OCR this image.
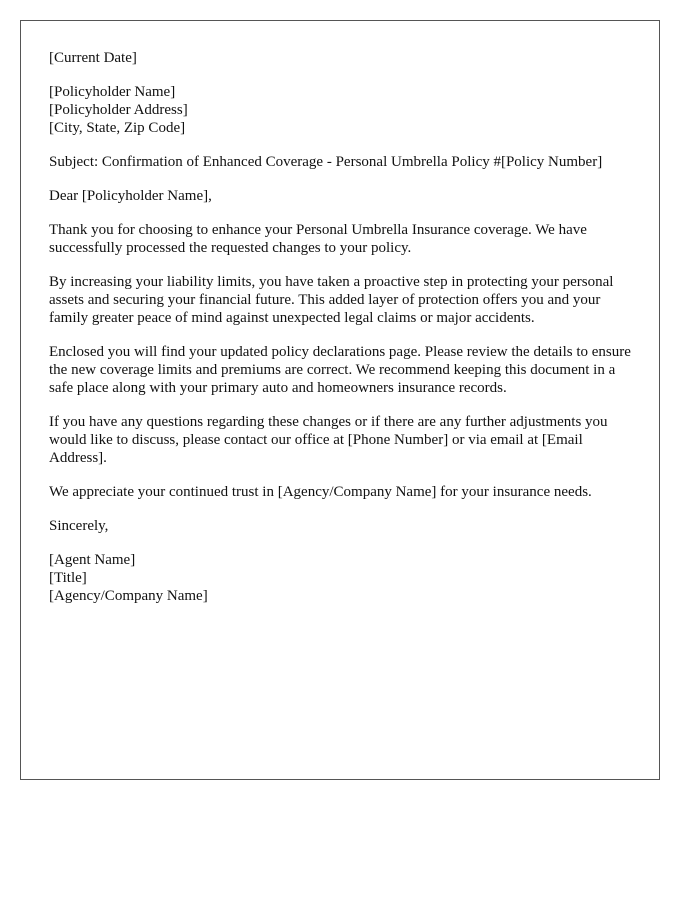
[Current Date]
[Policyholder Name]
[Policyholder Address]
[City, State, Zip Code]

Subject: Confirmation of Enhanced Coverage - Personal Umbrella Policy #[Policy Number]

Dear [Policyholder Name],

Thank you for choosing to enhance your Personal Umbrella Insurance coverage. We have successfully processed the requested changes to your policy.

By increasing your liability limits, you have taken a proactive step in protecting your personal assets and securing your financial future. This added layer of protection offers you and your family greater peace of mind against unexpected legal claims or major accidents.

Enclosed you will find your updated policy declarations page. Please review the details to ensure the new coverage limits and premiums are correct. We recommend keeping this document in a safe place along with your primary auto and homeowners insurance records.

If you have any questions regarding these changes or if there are any further adjustments you would like to discuss, please contact our office at [Phone Number] or via email at [Email Address].

We appreciate your continued trust in [Agency/Company Name] for your insurance needs.

Sincerely,

[Agent Name]
[Title]
[Agency/Company Name]
